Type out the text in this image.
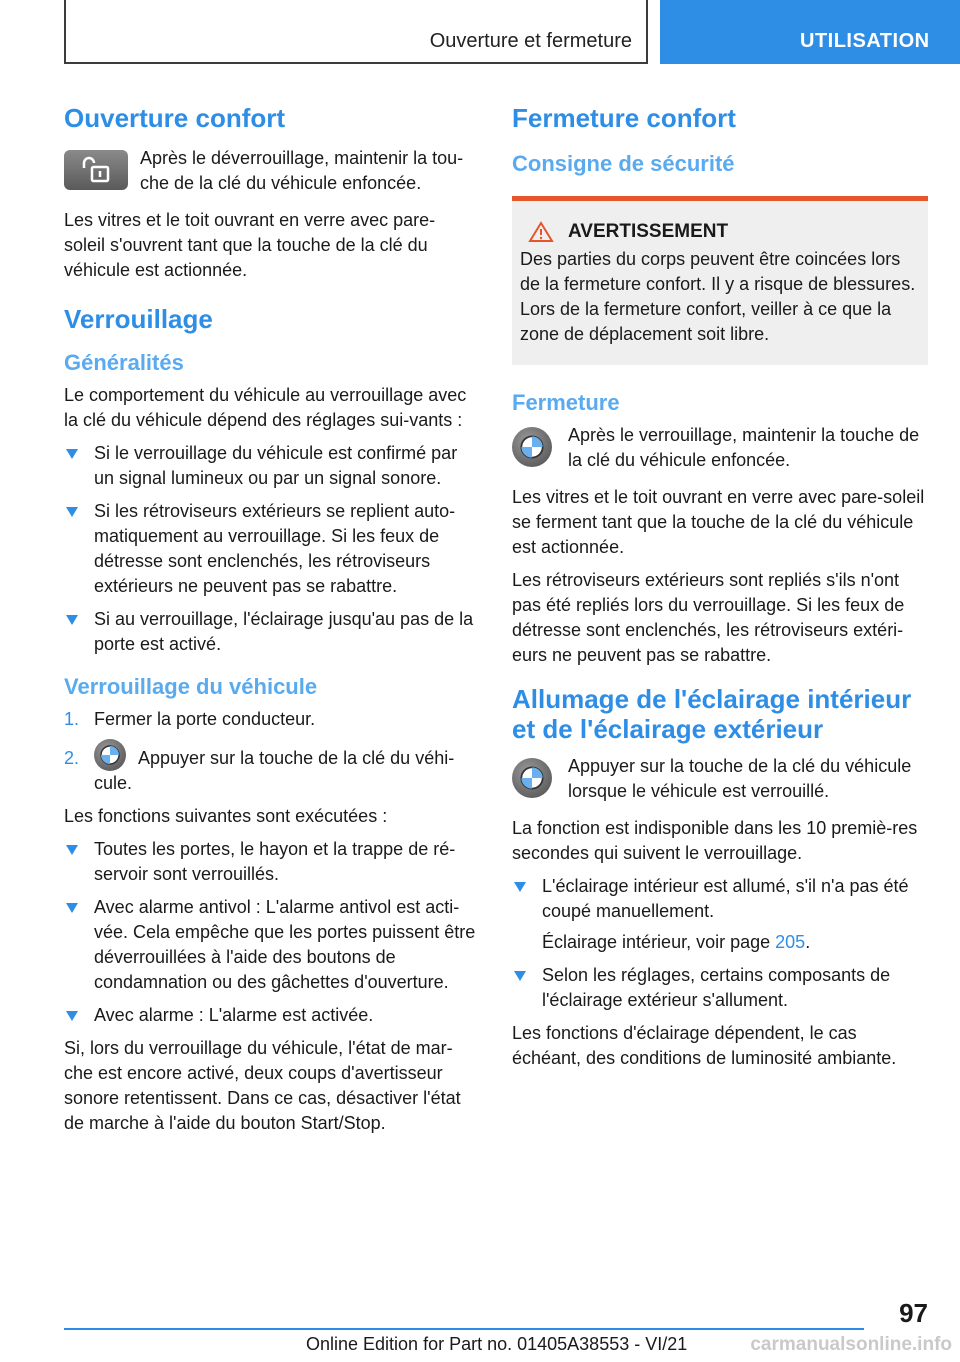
Ouverture et fermeture	UTILISATION
Ouverture confort
Après le déverrouillage, maintenir la tou-che de la clé du véhicule enfoncée.

Les vitres et le toit ouvrant en verre avec pare-soleil s'ouvrent tant que la touche de la clé du véhicule est actionnée.

Verrouillage
Généralités

Le comportement du véhicule au verrouillage avec la clé du véhicule dépend des réglages sui-vants :

Si le verrouillage du véhicule est confirmé par un signal lumineux ou par un signal sonore.
Si les rétroviseurs extérieurs se replient auto-matiquement au verrouillage. Si les feux de détresse sont enclenchés, les rétroviseurs extérieurs ne peuvent pas se rabattre.
Si au verrouillage, l'éclairage jusqu'au pas de la porte est activé.
Verrouillage du véhicule
1. Fermer la porte conducteur.
2.	Appuyer sur la touche de la clé du véhi-cule.

Les fonctions suivantes sont exécutées :

Toutes les portes, le hayon et la trappe de ré-servoir sont verrouillés.
Avec alarme antivol : L'alarme antivol est acti-vée. Cela empêche que les portes puissent être déverrouillées à l'aide des boutons de condamnation ou des gâchettes d'ouverture.
Avec alarme : L'alarme est activée.

Si, lors du verrouillage du véhicule, l'état de mar-che est encore activé, deux coups d'avertisseur sonore retentissent. Dans ce cas, désactiver l'état de marche à l'aide du bouton Start/Stop.

Fermeture confort
Consigne de sécurité
AVERTISSEMENT

Des parties du corps peuvent être coincées lors de la fermeture confort. Il y a risque de blessures. Lors de la fermeture confort, veiller à ce que la zone de déplacement soit libre.

Fermeture
Après le verrouillage, maintenir la touche de la clé du véhicule enfoncée.

Les vitres et le toit ouvrant en verre avec pare-soleil se ferment tant que la touche de la clé du véhicule est actionnée.

Les rétroviseurs extérieurs sont repliés s'ils n'ont pas été repliés lors du verrouillage. Si les feux de détresse sont enclenchés, les rétroviseurs extéri-eurs ne peuvent pas se rabattre.

Allumage de l'éclairage intérieur et de l'éclairage extérieur
Appuyer sur la touche de la clé du véhicule lorsque le véhicule est verrouillé.

La fonction est indisponible dans les 10 premiè-res secondes qui suivent le verrouillage.

L'éclairage intérieur est allumé, s'il n'a pas été coupé manuellement.
Éclairage intérieur, voir page 205.
Selon les réglages, certains composants de l'éclairage extérieur s'allument.

Les fonctions d'éclairage dépendent, le cas échéant, des conditions de luminosité ambiante.

97
Online Edition for Part no. 01405A38553 - VI/21	carmanualsonline.info
